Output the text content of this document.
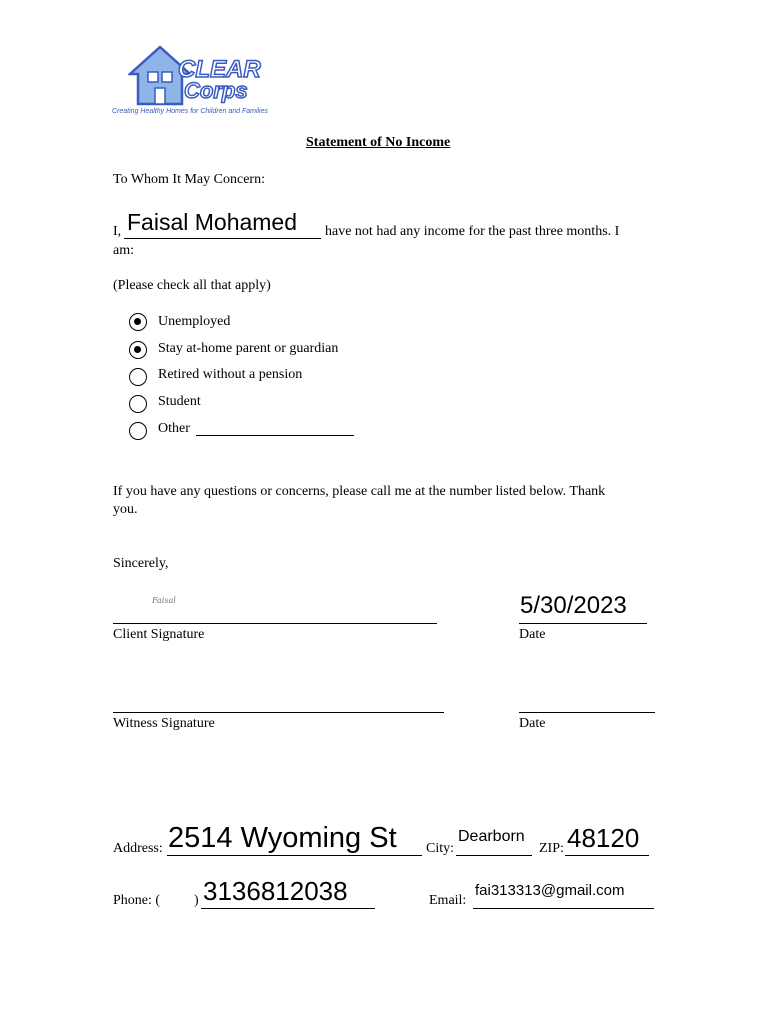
CLEAR
Corps
Creating Healthy Homes for Children and Families
Statement of No Income
To Whom It May Concern:
I, Faisal Mohamed have not had any income for the past three months. I
am:
(Please check all that apply)
Unemployed
Stay at-home parent or guardian
Retired without a pension
Student
Other
If you have any questions or concerns, please call me at the number listed below. Thank
you.
Sincerely,
Faisal
Client Signature
5/30/2023
Date
Witness Signature	Date
Address: 2514 Wyoming St City:
Dearborn
ZIP: 48120
Phone: ( ) 3136812038	Email:
fai313313@gmail.com
